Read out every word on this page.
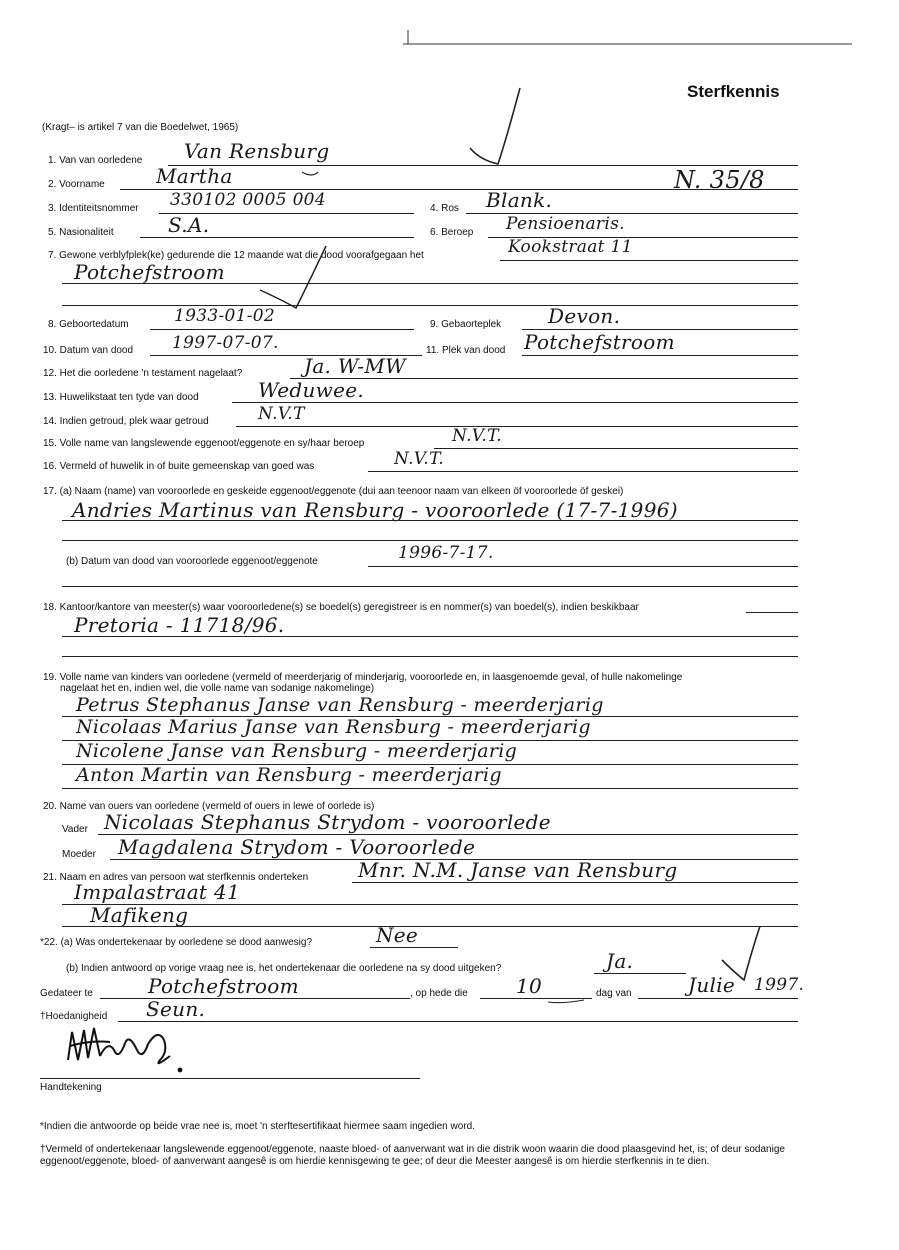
Sterfkennis
(Kragt– is artikel 7 van die Boedelwet, 1965)
N. 35/8
1. Van van oorledene Van Rensburg
2. Voorname	Martha
3. Identiteitsnommer 330102 0005 004	4. Ros Blank.
5. Nasionaliteit	S.A.	6. Beroep Pensioenaris.
7. Gewone verblyfplek(ke) gedurende die 12 maande wat die dood voorafgegaan het	Kookstraat 11
Potchefstroom
8. Geboortedatum	1933-01-02	9. Gebaorteplek Devon.
10. Datum van dood 1997-07-07.	11. Plek van dood Potchefstroom
12. Het die oorledene 'n testament nagelaat?	Ja. W-MW
13. Huwelikstaat ten tyde van dood	Weduwee.
14. Indien getroud, plek waar getroud	N.V.T
15. Volle name van langslewende eggenoot/eggenote en sy/haar beroep	N.V.T.
16. Vermeld of huwelik in of buite gemeenskap van goed was	N.V.T.
17. (a) Naam (name) van vooroorlede en geskeide eggenoot/eggenote (dui aan teenoor naam van elkeen öf vooroorlede öf geskei)
Andries Martinus van Rensburg - vooroorlede (17-7-1996)
(b) Datum van dood van vooroorlede eggenoot/eggenote	1996-7-17.
18. Kantoor/kantore van meester(s) waar vooroorledene(s) se boedel(s) geregistreer is en nommer(s) van boedel(s), indien beskikbaar
Pretoria - 11718/96.
19. Volle name van kinders van oorledene (vermeld of meerderjarig of minderjarig, vooroorlede en, in laasgenoemde geval, of hulle nakomelinge
nagelaat het en, indien wel, die volle name van sodanige nakomelinge)
Petrus Stephanus Janse van Rensburg - meerderjarig
Nicolaas Marius Janse van Rensburg - meerderjarig
Nicolene Janse van Rensburg - meerderjarig
Anton Martin van Rensburg - meerderjarig
20. Name van ouers van oorledene (vermeld of ouers in lewe of oorlede is)
Vader Nicolaas Stephanus Strydom - vooroorlede
Moeder Magdalena Strydom - Vooroorlede
21. Naam en adres van persoon wat sterfkennis onderteken Mnr. N.M. Janse van Rensburg
Impalastraat 41
Mafikeng
*22. (a) Was ondertekenaar by oorledene se dood aanwesig?	Nee
(b) Indien antwoord op vorige vraag nee is, het ondertekenaar die oorledene na sy dood uitgeken?	Ja.
Gedateer te	Potchefstroom	, op hede die 10	dag van	Julie 1997.
†Hoedanigheid Seun.
Handtekening
*Indien die antwoorde op beide vrae nee is, moet 'n sterftesertifikaat hiermee saam ingedien word.
†Vermeld of ondertekenaar langslewende eggenoot/eggenote, naaste bloed- of aanverwant wat in die distrik woon waarin die dood plaasgevind het, is; of deur sodanige eggenoot/eggenote, bloed- of aanverwant aangesê is om hierdie kennisgewing te gee; of deur die Meester aangesê is om hierdie sterfkennis in te dien.
